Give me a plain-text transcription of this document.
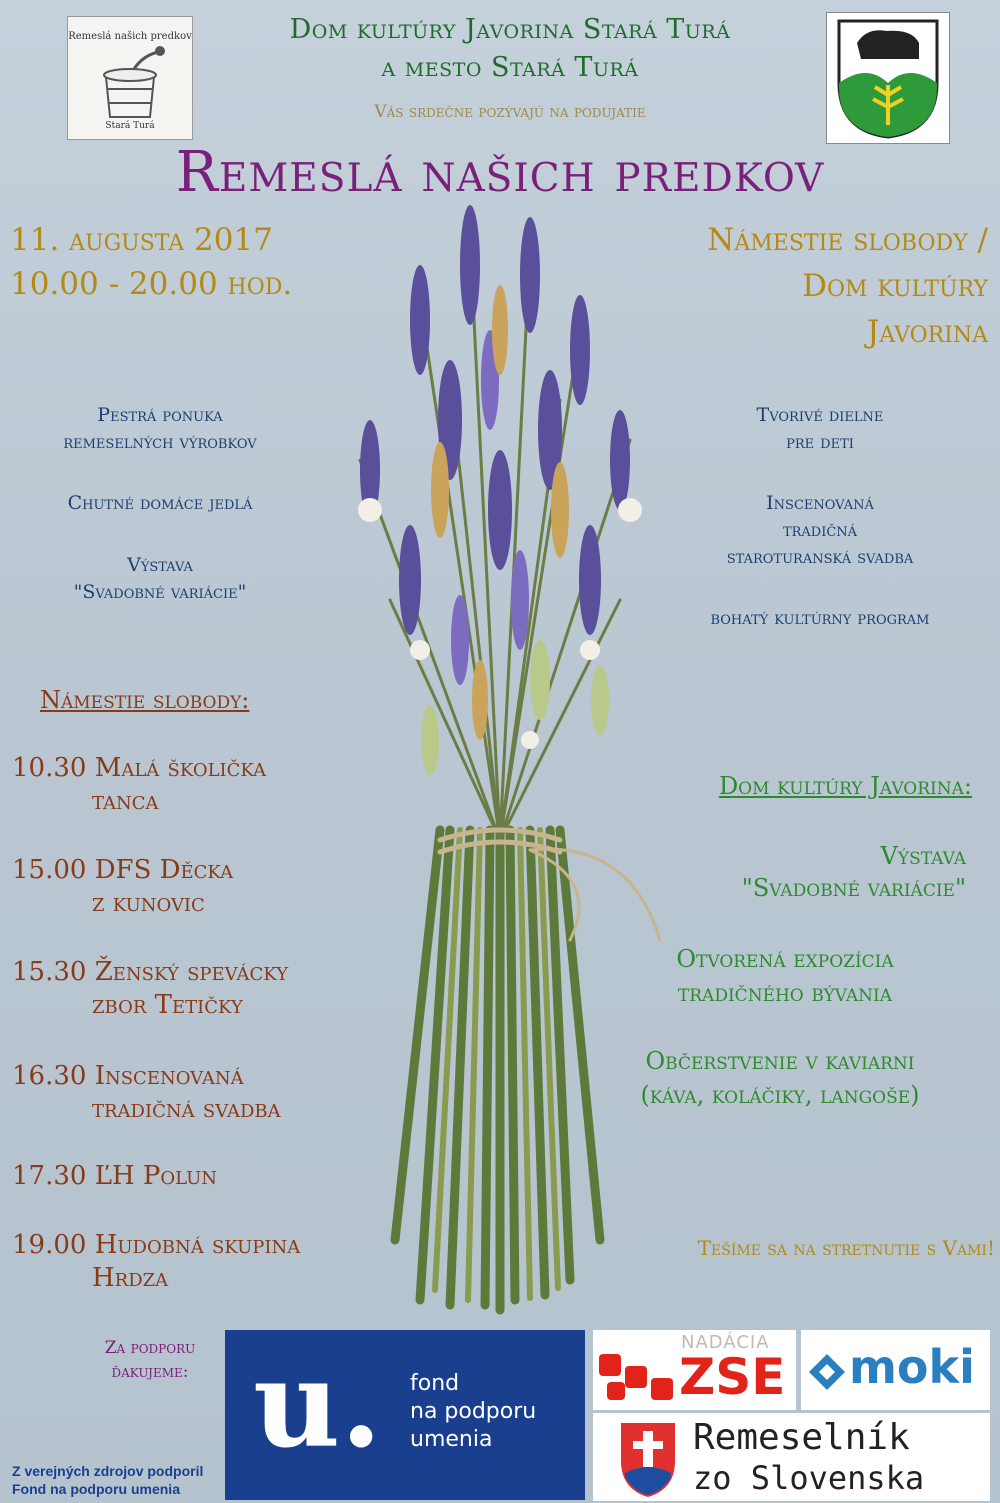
Remeslá našich predkov
Stará Turá
Dom kultúry Javorina Stará Turá
a mesto Stará Turá
Vás srdečne pozývajú na podujatie
Remeslá našich predkov
11. augusta 2017
10.00 - 20.00 hod.
Námestie slobody /
Dom kultúry
Javorina
Pestrá ponuka
remeselných výrobkov
Chutné domáce jedlá
Výstava
"Svadobné variácie"
Tvorivé dielne
pre deti
Inscenovaná
tradičná
staroturanská svadba
bohatý kultúrny program
Námestie slobody:
10.30 Malá školička
tanca
15.00 DFS Děcka
z kunovic
15.30 Ženský spevácky
zbor Tetičky
16.30 Inscenovaná
tradičná svadba
17.30 ĽH Polun
19.00 Hudobná skupina
Hrdza
Dom kultúry Javorina:
Výstava
"Svadobné variácie"
Otvorená expozícia
tradičného bývania
Občerstvenie v kaviarni
(káva, koláčiky, langoše)
Tešíme sa na stretnutie s Vami!
Za podporu
ďakujeme: u. fond
na podporu
umenia
NADÁCIA
ZSE moki
Remeselník
zo Slovenska
Z verejných zdrojov podporil
Fond na podporu umenia
